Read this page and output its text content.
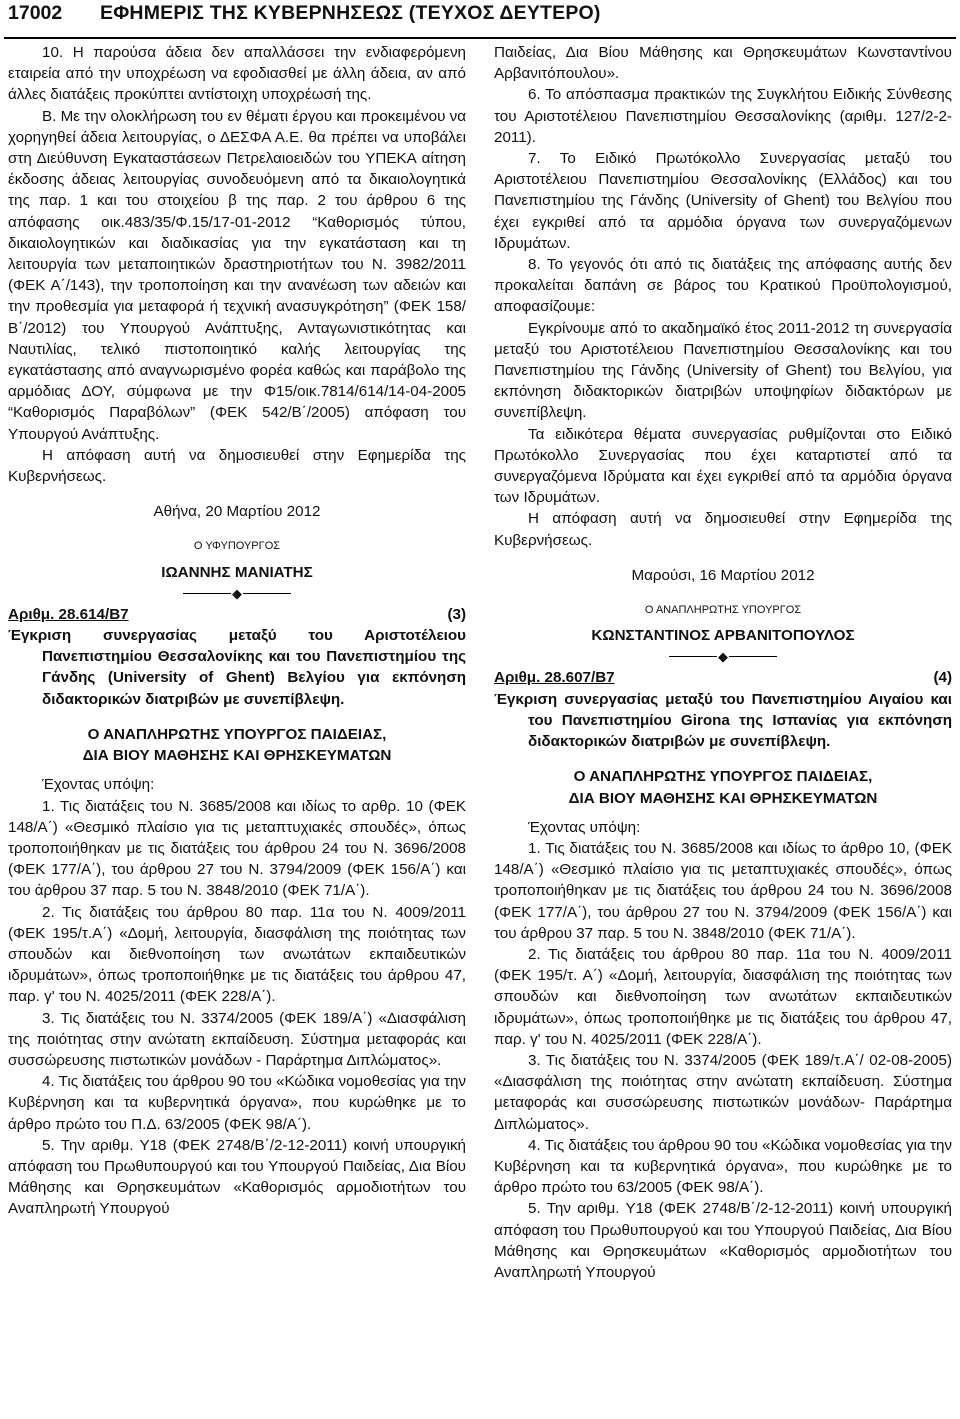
17002	ΕΦΗΜΕΡΙΣ ΤΗΣ ΚΥΒΕΡΝΗΣΕΩΣ (ΤΕΥΧΟΣ ΔΕΥΤΕΡΟ)

10. Η παρούσα άδεια δεν απαλλάσσει την ενδιαφερόμενη εταιρεία από την υποχρέωση να εφοδιασθεί με άλλη άδεια, αν από άλλες διατάξεις προκύπτει αντίστοιχη υποχρέωσή της.

Β. Με την ολοκλήρωση του εν θέματι έργου και προκειμένου να χορηγηθεί άδεια λειτουργίας, ο ΔΕΣΦΑ Α.Ε. θα πρέπει να υποβάλει στη Διεύθυνση Εγκαταστάσεων Πετρελαιοειδών του ΥΠΕΚΑ αίτηση έκδοσης άδειας λειτουργίας συνοδευόμενη από τα δικαιολογητικά της παρ. 1 και του στοιχείου β της παρ. 2 του άρθρου 6 της απόφασης οικ.483/35/Φ.15/17-01-2012 “Καθορισμός τύπου, δικαιολογητικών και διαδικασίας για την εγκατάσταση και τη λειτουργία των μεταποιητικών δραστηριοτήτων του Ν. 3982/2011 (ΦΕΚ Α΄/143), την τροποποίηση και την ανανέωση των αδειών και την προθεσμία για μεταφορά ή τεχνική ανασυγκρότηση” (ΦΕΚ 158/Β΄/2012) του Υπουργού Ανάπτυξης, Ανταγωνιστικότητας και Ναυτιλίας, τελικό πιστοποιητικό καλής λειτουργίας της εγκατάστασης από αναγνωρισμένο φορέα καθώς και παράβολο της αρμόδιας ΔΟΥ, σύμφωνα με την Φ15/οικ.7814/614/14-04-2005 “Καθορισμός Παραβόλων” (ΦΕΚ 542/Β΄/2005) απόφαση του Υπουργού Ανάπτυξης.

Η απόφαση αυτή να δημοσιευθεί στην Εφημερίδα της Κυβερνήσεως.

Αθήνα, 20 Μαρτίου 2012

Ο ΥΦΥΠΟΥΡΓΟΣ

ΙΩΑΝΝΗΣ ΜΑΝΙΑΤΗΣ

◆
Αριθμ. 28.614/Β7	(3)

Έγκριση συνεργασίας μεταξύ του Αριστοτέλειου Πανεπιστημίου Θεσσαλονίκης και του Πανεπιστημίου της Γάνδης (University of Ghent) Βελγίου για εκπόνηση διδακτορικών διατριβών με συνεπίβλεψη.

Ο ΑΝΑΠΛΗΡΩΤΗΣ ΥΠΟΥΡΓΟΣ ΠΑΙΔΕΙΑΣ,

ΔΙΑ ΒΙΟΥ ΜΑΘΗΣΗΣ ΚΑΙ ΘΡΗΣΚΕΥΜΑΤΩΝ

Έχοντας υπόψη:

1. Τις διατάξεις του Ν. 3685/2008 και ιδίως το αρθρ. 10 (ΦΕΚ 148/Α΄) «Θεσμικό πλαίσιο για τις μεταπτυχιακές σπουδές», όπως τροποποιήθηκαν με τις διατάξεις του άρθρου 24 του Ν. 3696/2008 (ΦΕΚ 177/Α΄), του άρθρου 27 του Ν. 3794/2009 (ΦΕΚ 156/Α΄) και του άρθρου 37 παρ. 5 του Ν. 3848/2010 (ΦΕΚ 71/Α΄).

2. Τις διατάξεις του άρθρου 80 παρ. 11α του Ν. 4009/2011 (ΦΕΚ 195/τ.Α΄) «Δομή, λειτουργία, διασφάλιση της ποιότητας των σπουδών και διεθνοποίηση των ανωτάτων εκπαιδευτικών ιδρυμάτων», όπως τροποποιήθηκε με τις διατάξεις του άρθρου 47, παρ. γ' του Ν. 4025/2011 (ΦΕΚ 228/Α΄).

3. Τις διατάξεις του Ν. 3374/2005 (ΦΕΚ 189/Α΄) «Διασφάλιση της ποιότητας στην ανώτατη εκπαίδευση. Σύστημα μεταφοράς και συσσώρευσης πιστωτικών μονάδων - Παράρτημα Διπλώματος».

4. Τις διατάξεις του άρθρου 90 του «Κώδικα νομοθεσίας για την Κυβέρνηση και τα κυβερνητικά όργανα», που κυρώθηκε με το άρθρο πρώτο του Π.Δ. 63/2005 (ΦΕΚ 98/Α΄).

5. Την αριθμ. Υ18 (ΦΕΚ 2748/Β΄/2-12-2011) κοινή υπουργική απόφαση του Πρωθυπουργού και του Υπουργού Παιδείας, Δια Βίου Μάθησης και Θρησκευμάτων «Καθορισμός αρμοδιοτήτων του Αναπληρωτή Υπουργού

Παιδείας, Δια Βίου Μάθησης και Θρησκευμάτων Κωνσταντίνου Αρβανιτόπουλου».

6. Το απόσπασμα πρακτικών της Συγκλήτου Ειδικής Σύνθεσης του Αριστοτέλειου Πανεπιστημίου Θεσσαλονίκης (αριθμ. 127/2-2-2011).

7. Το Ειδικό Πρωτόκολλο Συνεργασίας μεταξύ του Αριστοτέλειου Πανεπιστημίου Θεσσαλονίκης (Ελλάδος) και του Πανεπιστημίου της Γάνδης (University of Ghent) του Βελγίου που έχει εγκριθεί από τα αρμόδια όργανα των συνεργαζόμενων Ιδρυμάτων.

8. Το γεγονός ότι από τις διατάξεις της απόφασης αυτής δεν προκαλείται δαπάνη σε βάρος του Κρατικού Προϋπολογισμού, αποφασίζουμε:

Εγκρίνουμε από το ακαδημαϊκό έτος 2011-2012 τη συνεργασία μεταξύ του Αριστοτέλειου Πανεπιστημίου Θεσσαλονίκης και του Πανεπιστημίου της Γάνδης (University of Ghent) του Βελγίου, για εκπόνηση διδακτορικών διατριβών υποψηφίων διδακτόρων με συνεπίβλεψη.

Τα ειδικότερα θέματα συνεργασίας ρυθμίζονται στο Ειδικό Πρωτόκολλο Συνεργασίας που έχει καταρτιστεί από τα συνεργαζόμενα Ιδρύματα και έχει εγκριθεί από τα αρμόδια όργανα των Ιδρυμάτων.

Η απόφαση αυτή να δημοσιευθεί στην Εφημερίδα της Κυβερνήσεως.

Μαρούσι, 16 Μαρτίου 2012

Ο ΑΝΑΠΛΗΡΩΤΗΣ ΥΠΟΥΡΓΟΣ

ΚΩΝΣΤΑΝΤΙΝΟΣ ΑΡΒΑΝΙΤΟΠΟΥΛΟΣ

◆
Αριθμ. 28.607/Β7	(4)

Έγκριση συνεργασίας μεταξύ του Πανεπιστημίου Αιγαίου και του Πανεπιστημίου Girona της Ισπανίας για εκπόνηση διδακτορικών διατριβών με συνεπίβλεψη.

Ο ΑΝΑΠΛΗΡΩΤΗΣ ΥΠΟΥΡΓΟΣ ΠΑΙΔΕΙΑΣ,

ΔΙΑ ΒΙΟΥ ΜΑΘΗΣΗΣ ΚΑΙ ΘΡΗΣΚΕΥΜΑΤΩΝ

Έχοντας υπόψη:

1. Τις διατάξεις του Ν. 3685/2008 και ιδίως το άρθρο 10, (ΦΕΚ 148/Α΄) «Θεσμικό πλαίσιο για τις μεταπτυχιακές σπουδές», όπως τροποποιήθηκαν με τις διατάξεις του άρθρου 24 του Ν. 3696/2008 (ΦΕΚ 177/Α΄), του άρθρου 27 του Ν. 3794/2009 (ΦΕΚ 156/Α΄) και του άρθρου 37 παρ. 5 του Ν. 3848/2010 (ΦΕΚ 71/Α΄).

2. Τις διατάξεις του άρθρου 80 παρ. 11α του Ν. 4009/2011 (ΦΕΚ 195/τ. Α΄) «Δομή, λειτουργία, διασφάλιση της ποιότητας των σπουδών και διεθνοποίηση των ανωτάτων εκπαιδευτικών ιδρυμάτων», όπως τροποποιήθηκε με τις διατάξεις του άρθρου 47, παρ. γ' του Ν. 4025/2011 (ΦΕΚ 228/Α΄).

3. Τις διατάξεις του Ν. 3374/2005 (ΦΕΚ 189/τ.Α΄/ 02-08-2005) «Διασφάλιση της ποιότητας στην ανώτατη εκπαίδευση. Σύστημα μεταφοράς και συσσώρευσης πιστωτικών μονάδων- Παράρτημα Διπλώματος».

4. Τις διατάξεις του άρθρου 90 του «Κώδικα νομοθεσίας για την Κυβέρνηση και τα κυβερνητικά όργανα», που κυρώθηκε με το άρθρο πρώτο του 63/2005 (ΦΕΚ 98/Α΄).

5. Την αριθμ. Υ18 (ΦΕΚ 2748/Β΄/2-12-2011) κοινή υπουργική απόφαση του Πρωθυπουργού και του Υπουργού Παιδείας, Δια Βίου Μάθησης και Θρησκευμάτων «Καθορισμός αρμοδιοτήτων του Αναπληρωτή Υπουργού
